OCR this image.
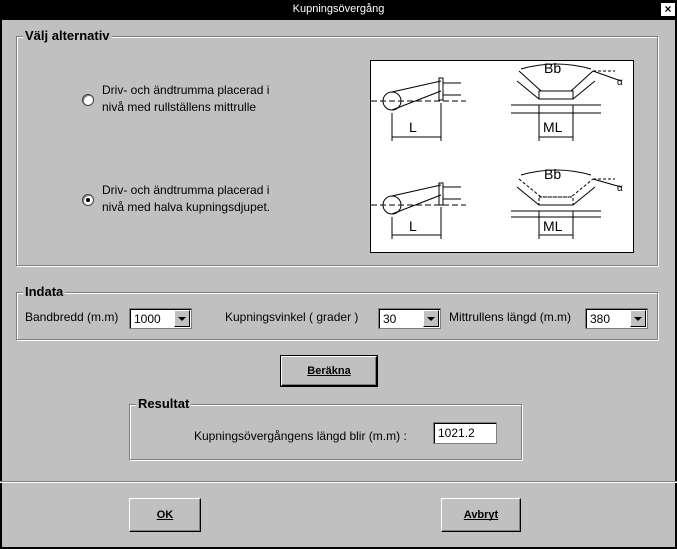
Kupningsövergång	×
Välj alternativ
Driv- och ändtrumma placerad i
nivå med rullställens mittrulle
Driv- och ändtrumma placerad i
nivå med halva kupningsdjupet.
L
Bb
ML
α
L
Bb
ML
α
Indata
Bandbredd (m.m) 1000	Kupningsvinkel ( grader ) 30	Mittrullens längd (m.m) 380
Beräkna
Resultat
Kupningsövergångens längd blir (m.m) :	1021.2
OK	Avbryt
